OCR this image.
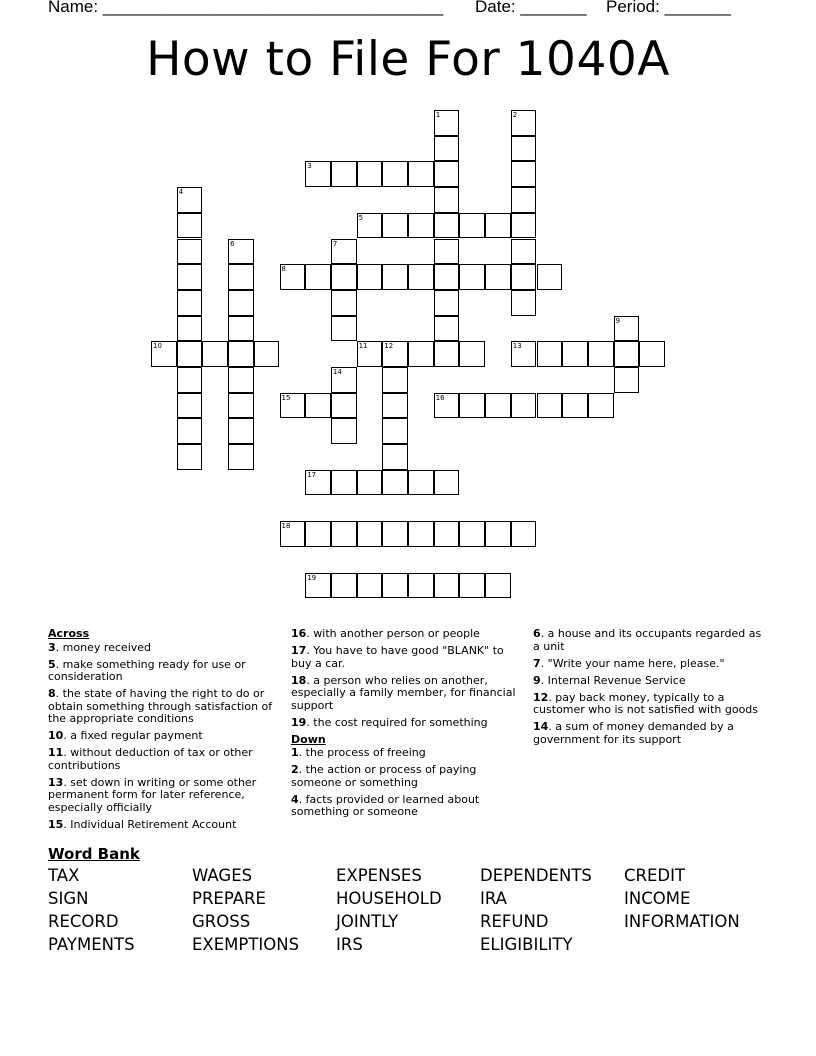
Name: ____________________________________ Date: _______ Period: _______
How to File For 1040A
1	2
3
4
5
6	7
8
9
10	11 12	13
14
15	16
17
18
19
Across
3. money received
5. make something ready for use or consideration
8. the state of having the right to do or obtain something through satisfaction of the appropriate conditions
10. a fixed regular payment
11. without deduction of tax or other contributions
13. set down in writing or some other permanent form for later reference, especially officially
15. Individual Retirement Account
16. with another person or people
17. You have to have good "BLANK" to buy a car.
18. a person who relies on another, especially a family member, for financial support
19. the cost required for something
Down
1. the process of freeing
2. the action or process of paying someone or something
4. facts provided or learned about something or someone
6. a house and its occupants regarded as a unit
7. "Write your name here, please."
9. Internal Revenue Service
12. pay back money, typically to a customer who is not satisfied with goods
14. a sum of money demanded by a government for its support
Word Bank
TAX	WAGES	EXPENSES	DEPENDENTS	CREDIT
SIGN	PREPARE	HOUSEHOLD	IRA	INCOME
RECORD	GROSS	JOINTLY	REFUND	INFORMATION
PAYMENTS	EXEMPTIONS	IRS	ELIGIBILITY
